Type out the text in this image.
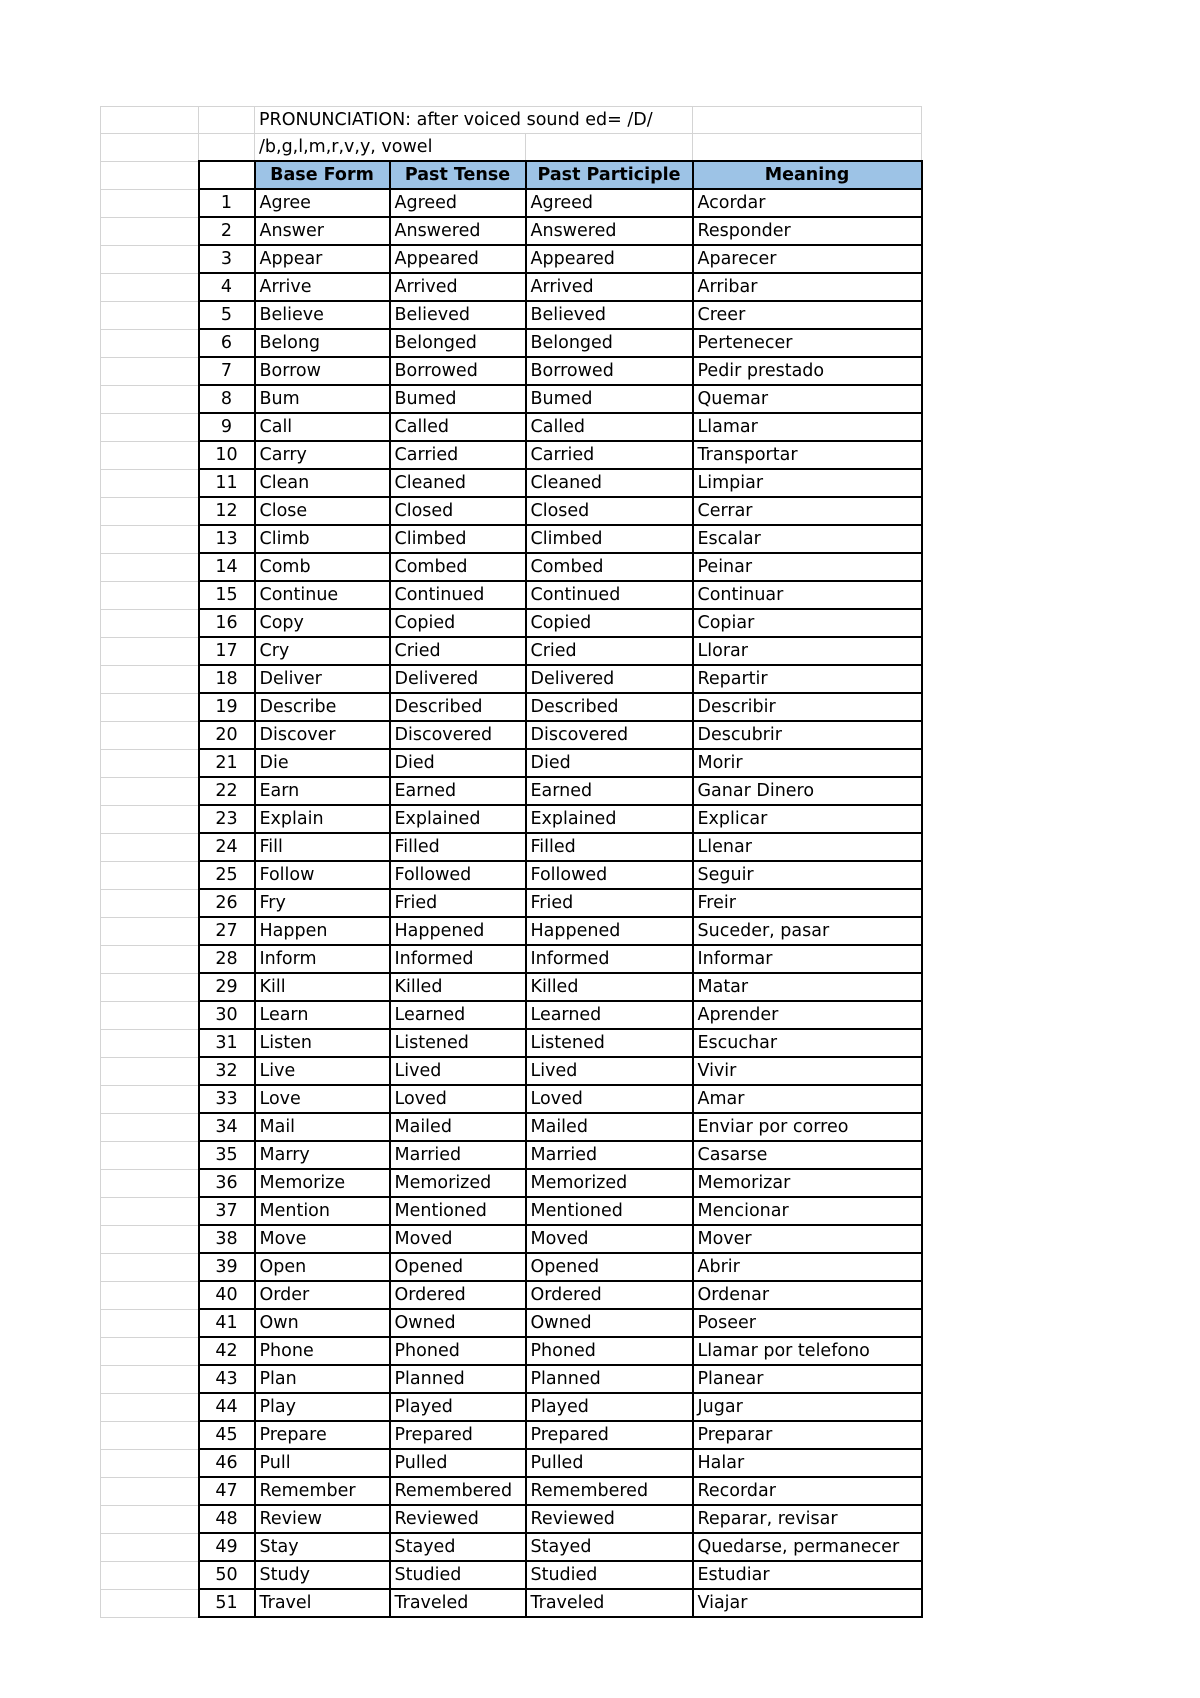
		PRONUNCIATION: after voiced sound ed= /D/			
		/b,g,l,m,r,v,y, vowel			
		Base Form	Past Tense	Past Participle	Meaning
	1	Agree	Agreed	Agreed	Acordar
	2	Answer	Answered	Answered	Responder
	3	Appear	Appeared	Appeared	Aparecer
	4	Arrive	Arrived	Arrived	Arribar
	5	Believe	Believed	Believed	Creer
	6	Belong	Belonged	Belonged	Pertenecer
	7	Borrow	Borrowed	Borrowed	Pedir prestado
	8	Bum	Bumed	Bumed	Quemar
	9	Call	Called	Called	Llamar
	10	Carry	Carried	Carried	Transportar
	11	Clean	Cleaned	Cleaned	Limpiar
	12	Close	Closed	Closed	Cerrar
	13	Climb	Climbed	Climbed	Escalar
	14	Comb	Combed	Combed	Peinar
	15	Continue	Continued	Continued	Continuar
	16	Copy	Copied	Copied	Copiar
	17	Cry	Cried	Cried	Llorar
	18	Deliver	Delivered	Delivered	Repartir
	19	Describe	Described	Described	Describir
	20	Discover	Discovered	Discovered	Descubrir
	21	Die	Died	Died	Morir
	22	Earn	Earned	Earned	Ganar Dinero
	23	Explain	Explained	Explained	Explicar
	24	Fill	Filled	Filled	Llenar
	25	Follow	Followed	Followed	Seguir
	26	Fry	Fried	Fried	Freir
	27	Happen	Happened	Happened	Suceder, pasar
	28	Inform	Informed	Informed	Informar
	29	Kill	Killed	Killed	Matar
	30	Learn	Learned	Learned	Aprender
	31	Listen	Listened	Listened	Escuchar
	32	Live	Lived	Lived	Vivir
	33	Love	Loved	Loved	Amar
	34	Mail	Mailed	Mailed	Enviar por correo
	35	Marry	Married	Married	Casarse
	36	Memorize	Memorized	Memorized	Memorizar
	37	Mention	Mentioned	Mentioned	Mencionar
	38	Move	Moved	Moved	Mover
	39	Open	Opened	Opened	Abrir
	40	Order	Ordered	Ordered	Ordenar
	41	Own	Owned	Owned	Poseer
	42	Phone	Phoned	Phoned	Llamar por telefono
	43	Plan	Planned	Planned	Planear
	44	Play	Played	Played	Jugar
	45	Prepare	Prepared	Prepared	Preparar
	46	Pull	Pulled	Pulled	Halar
	47	Remember	Remembered	Remembered	Recordar
	48	Review	Reviewed	Reviewed	Reparar, revisar
	49	Stay	Stayed	Stayed	Quedarse, permanecer
	50	Study	Studied	Studied	Estudiar
	51	Travel	Traveled	Traveled	Viajar
